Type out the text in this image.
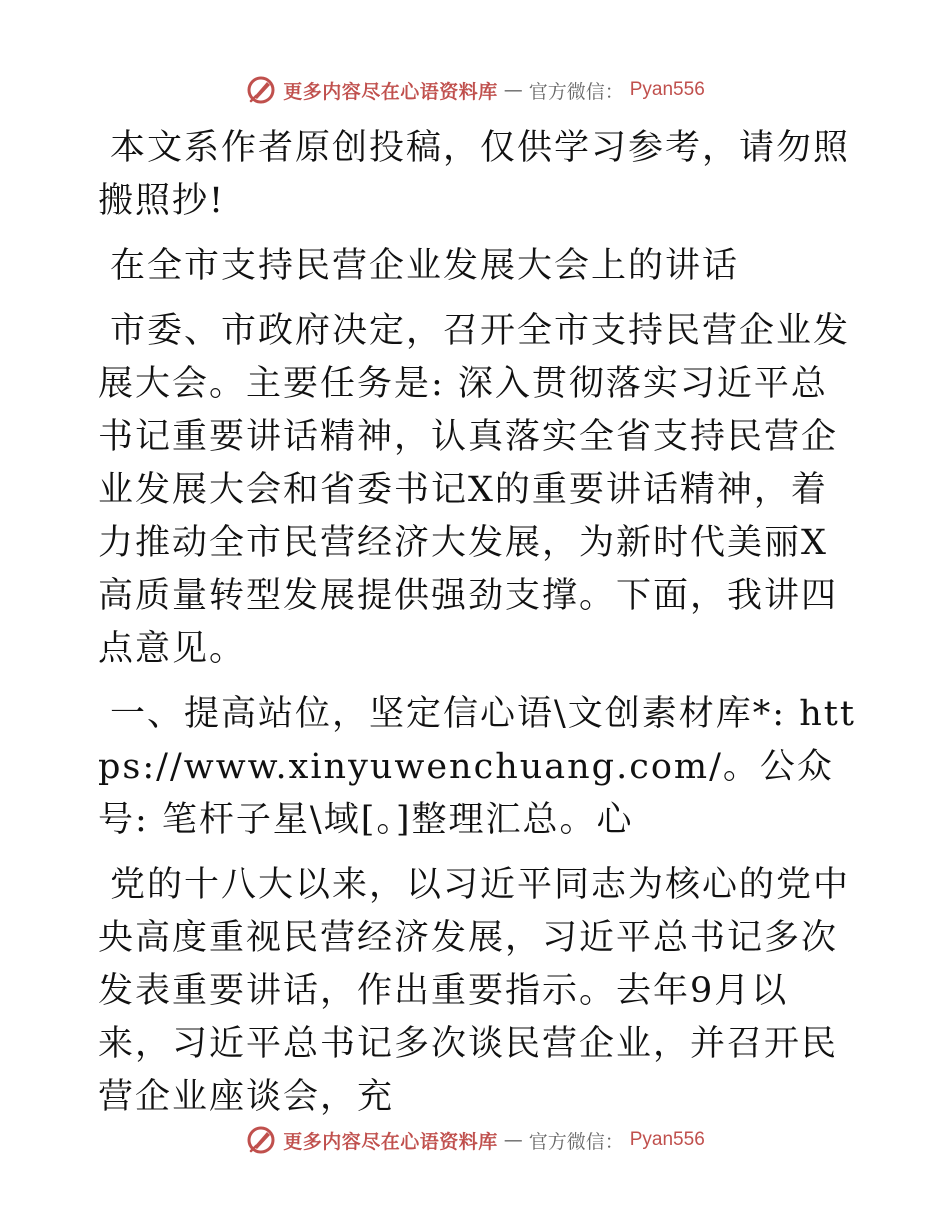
更多内容尽在心语资料库 — 官方微信： Pyan556

本文系作者原创投稿，仅供学习参考，请勿照搬照抄!

在全市支持民营企业发展大会上的讲话

市委、市政府决定，召开全市支持民营企业发展大会。主要任务是: 深入贯彻落实习近平总书记重要讲话精神，认真落实全省支持民营企业发展大会和省委书记X的重要讲话精神，着力推动全市民营经济大发展，为新时代美丽X高质量转型发展提供强劲支撑。下面，我讲四点意见。

一、提高站位，坚定信心语\文创素材库*: https://www.xinyuwenchuang.com/。公众号: 笔杆子星\域[。]整理汇总。心

党的十八大以来，以习近平同志为核心的党中央高度重视民营经济发展，习近平总书记多次发表重要讲话，作出重要指示。去年9月以来，习近平总书记多次谈民营企业，并召开民营企业座谈会，充

更多内容尽在心语资料库 — 官方微信： Pyan556
